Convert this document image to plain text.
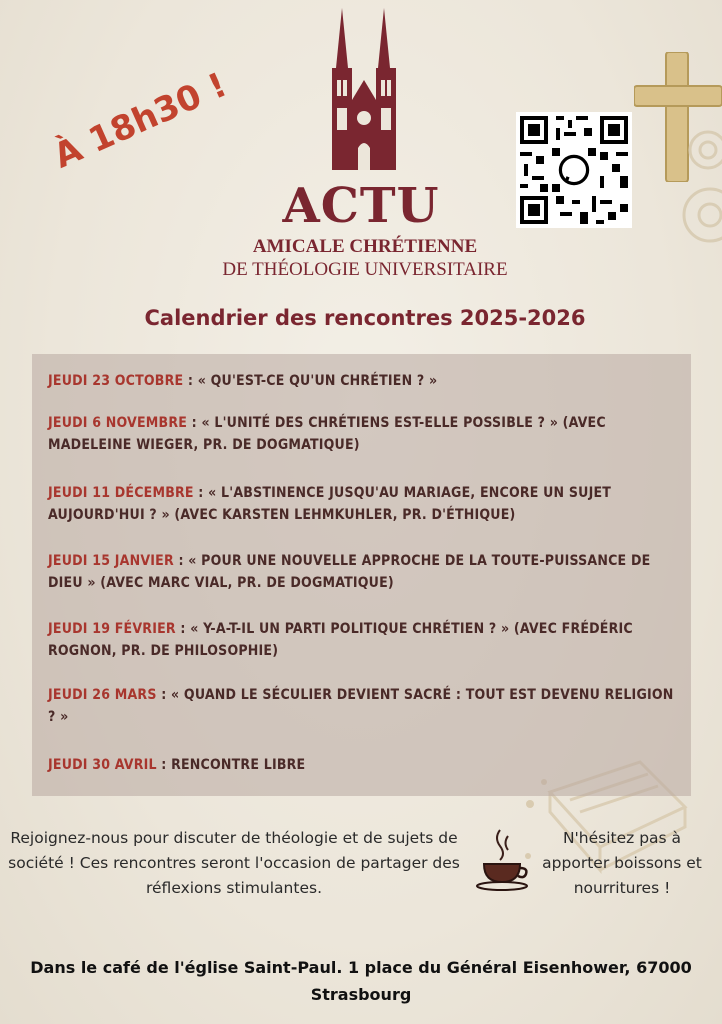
À 18h30 !
ACTU
AMICALE CHRÉTIENNE
DE THÉOLOGIE UNIVERSITAIRE
Calendrier des rencontres 2025-2026
JEUDI 23 OCTOBRE : « QU'EST-CE QU'UN CHRÉTIEN ? »
JEUDI 6 NOVEMBRE : « L'UNITÉ DES CHRÉTIENS EST-ELLE POSSIBLE ? » (AVEC MADELEINE WIEGER, PR. DE DOGMATIQUE)
JEUDI 11 DÉCEMBRE : « L'ABSTINENCE JUSQU'AU MARIAGE, ENCORE UN SUJET AUJOURD'HUI ? » (AVEC KARSTEN LEHMKUHLER, PR. D'ÉTHIQUE)
JEUDI 15 JANVIER : « POUR UNE NOUVELLE APPROCHE DE LA TOUTE-PUISSANCE DE DIEU » (AVEC MARC VIAL, PR. DE DOGMATIQUE)
JEUDI 19 FÉVRIER : « Y-A-T-IL UN PARTI POLITIQUE CHRÉTIEN ? » (AVEC FRÉDÉRIC ROGNON, PR. DE PHILOSOPHIE)
JEUDI 26 MARS : « QUAND LE SÉCULIER DEVIENT SACRÉ : TOUT EST DEVENU RELIGION ? »
JEUDI 30 AVRIL : RENCONTRE LIBRE
Rejoignez-nous pour discuter de théologie et de sujets de société ! Ces rencontres seront l'occasion de partager des réflexions stimulantes.
N'hésitez pas à apporter boissons et nourritures !
Dans le café de l'église Saint-Paul. 1 place du Général Eisenhower, 67000 Strasbourg
